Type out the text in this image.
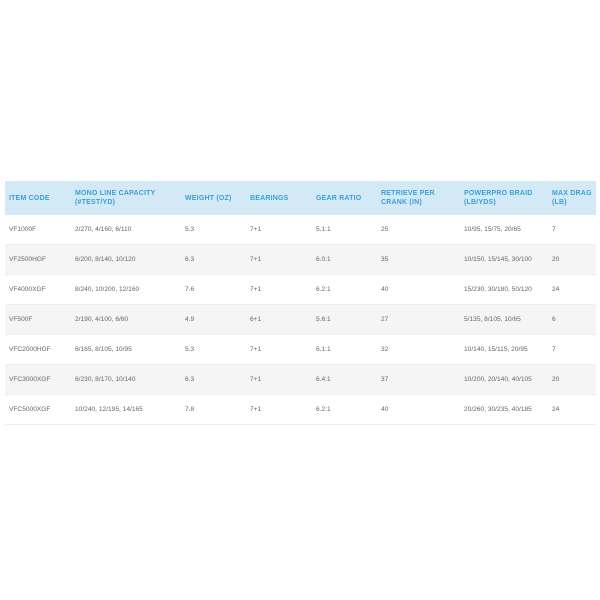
ITEM CODE	MONO LINE CAPACITY (#TEST/YD)	WEIGHT (OZ)	BEARINGS	GEAR RATIO	RETRIEVE PER CRANK (IN)	POWERPRO BRAID (LB/YDS)	MAX DRAG (LB)
VF1000F	2/270, 4/160, 6/110	5.3	7+1	5.1:1	25	10/95, 15/75, 20/65	7
VF2500HGF	6/200, 8/140, 10/120	6.3	7+1	6.0:1	35	10/150, 15/145, 30/100	20
VF4000XGF	8/240, 10/200, 12/160	7.6	7+1	6.2:1	40	15/230, 30/180, 50/120	24
VF500F	2/190, 4/100, 6/60	4.9	6+1	5.6:1	27	5/135, 8/105, 10/65	6
VFC2000HGF	6/165, 8/105, 10/95	5.3	7+1	6.1:1	32	10/140, 15/115, 20/95	7
VFC3000XGF	6/230, 8/170, 10/140	6.3	7+1	6.4:1	37	10/200, 20/140, 40/105	20
VFC5000XGF	10/240, 12/195, 14/165	7.8	7+1	6.2:1	40	20/260, 30/235, 40/185	24
